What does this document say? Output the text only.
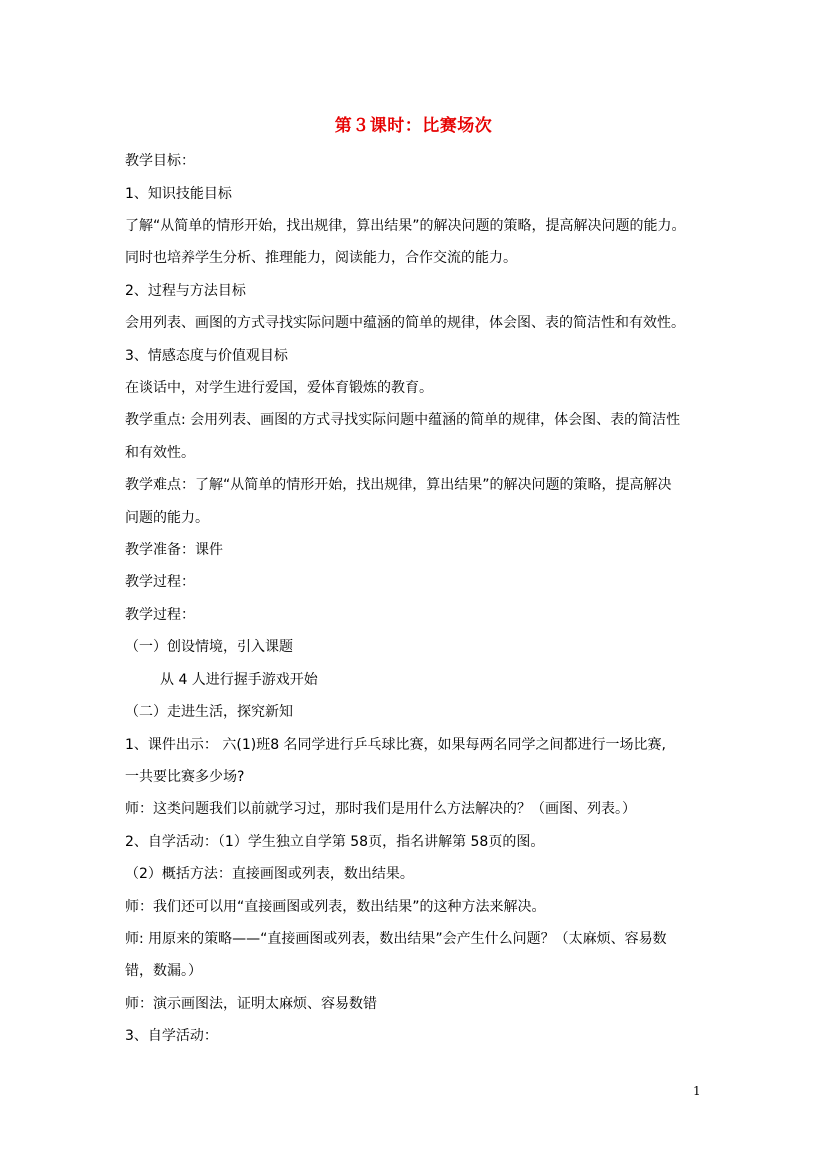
第３课时：比赛场次
教学目标：
1、知识技能目标
了解“从简单的情形开始，找出规律，算出结果”的解决问题的策略，提高解决问题的能力。
同时也培养学生分析、推理能力，阅读能力，合作交流的能力。
2、过程与方法目标
会用列表、画图的方式寻找实际问题中蕴涵的简单的规律，体会图、表的简洁性和有效性。
3、情感态度与价值观目标
在谈话中，对学生进行爱国，爱体育锻炼的教育。
教学重点: 会用列表、画图的方式寻找实际问题中蕴涵的简单的规律，体会图、表的简洁性
和有效性。
教学难点：了解“从简单的情形开始，找出规律，算出结果”的解决问题的策略，提高解决
问题的能力。
教学准备：课件
教学过程：
教学过程：
（一）创设情境，引入课题
从 4 人进行握手游戏开始
（二）走进生活，探究新知
1、课件出示： 六(1)班8 名同学进行乒乓球比赛，如果每两名同学之间都进行一场比赛,
一共要比赛多少场?
师：这类问题我们以前就学习过，那时我们是用什么方法解决的？（画图、列表。）
2、自学活动：（1）学生独立自学第 58页，指名讲解第 58页的图。
（2）概括方法：直接画图或列表，数出结果。
师：我们还可以用“直接画图或列表，数出结果”的这种方法来解决。
师: 用原来的策略——“直接画图或列表，数出结果”会产生什么问题？（太麻烦、容易数
错，数漏。）
师：演示画图法，证明太麻烦、容易数错
3、自学活动：
1
